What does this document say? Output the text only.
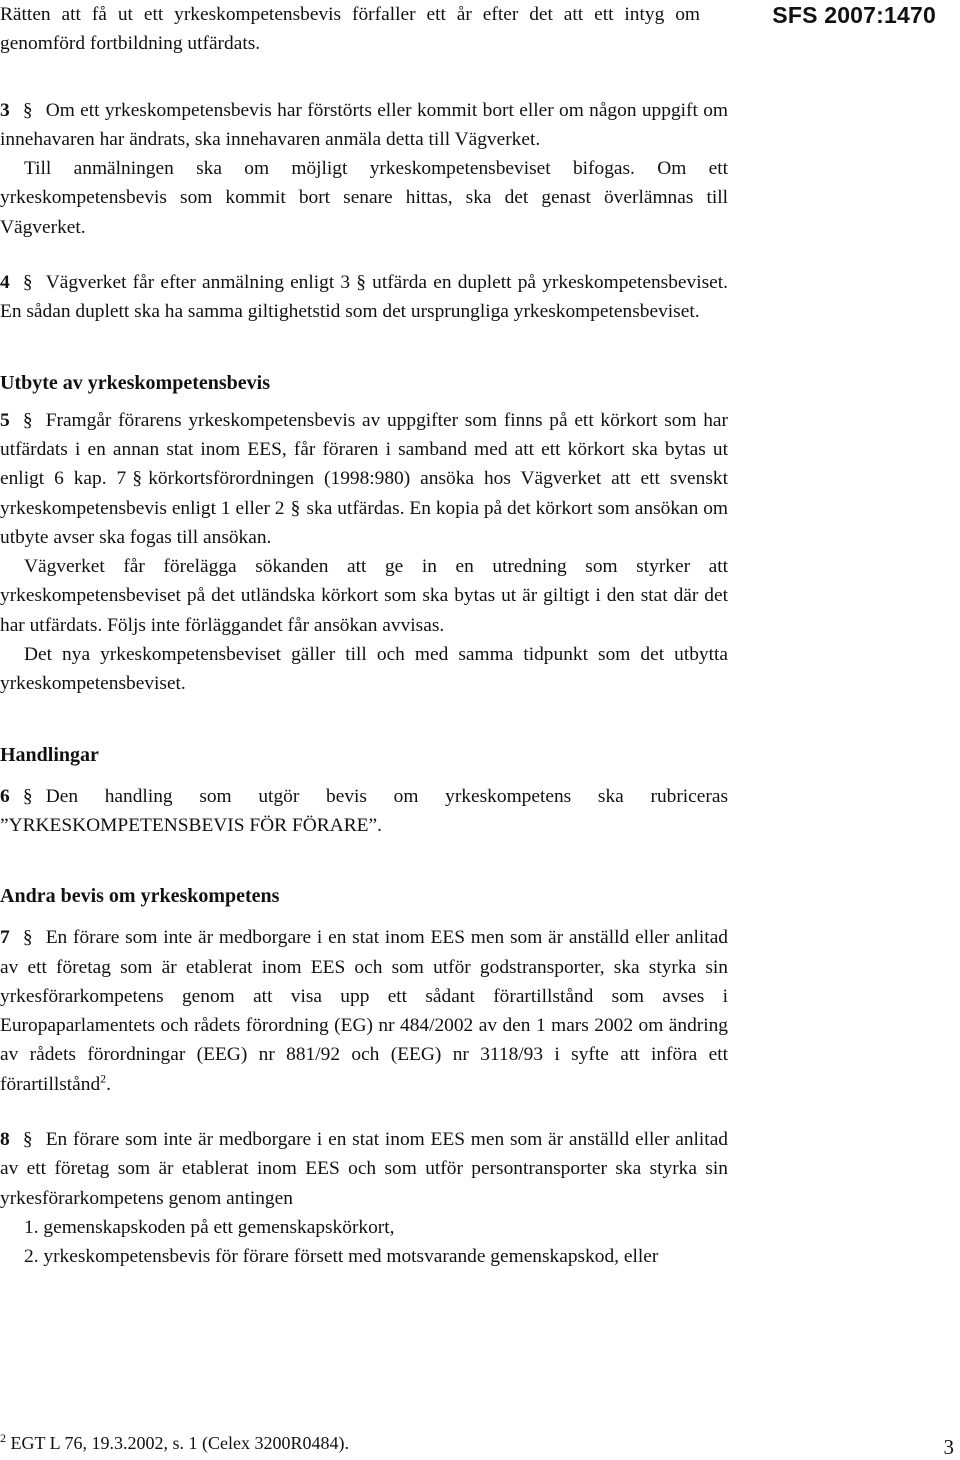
SFS 2007:1470

Rätten att få ut ett yrkeskompetensbevis förfaller ett år efter det att ett intyg om genomförd fortbildning utfärdats.

3 § Om ett yrkeskompetensbevis har förstörts eller kommit bort eller om någon uppgift om innehavaren har ändrats, ska innehavaren anmäla detta till Vägverket.

Till anmälningen ska om möjligt yrkeskompetensbeviset bifogas. Om ett yrkeskompetensbevis som kommit bort senare hittas, ska det genast överlämnas till Vägverket.

4 § Vägverket får efter anmälning enligt 3 § utfärda en duplett på yrkeskompetensbeviset. En sådan duplett ska ha samma giltighetstid som det ursprungliga yrkeskompetensbeviset.

Utbyte av yrkeskompetensbevis

5 § Framgår förarens yrkeskompetensbevis av uppgifter som finns på ett körkort som har utfärdats i en annan stat inom EES, får föraren i samband med att ett körkort ska bytas ut enligt 6 kap. 7 § körkortsförordningen (1998:980) ansöka hos Vägverket att ett svenskt yrkeskompetensbevis enligt 1 eller 2 § ska utfärdas. En kopia på det körkort som ansökan om utbyte avser ska fogas till ansökan.

Vägverket får förelägga sökanden att ge in en utredning som styrker att yrkeskompetensbeviset på det utländska körkort som ska bytas ut är giltigt i den stat där det har utfärdats. Följs inte förläggandet får ansökan avvisas.

Det nya yrkeskompetensbeviset gäller till och med samma tidpunkt som det utbytta yrkeskompetensbeviset.

Handlingar

6 § Den handling som utgör bevis om yrkeskompetens ska rubriceras ”YRKESKOMPETENSBEVIS FÖR FÖRARE”.

Andra bevis om yrkeskompetens

7 § En förare som inte är medborgare i en stat inom EES men som är anställd eller anlitad av ett företag som är etablerat inom EES och som utför godstransporter, ska styrka sin yrkesförarkompetens genom att visa upp ett sådant förartillstånd som avses i Europaparlamentets och rådets förordning (EG) nr 484/2002 av den 1 mars 2002 om ändring av rådets förordningar (EEG) nr 881/92 och (EEG) nr 3118/93 i syfte att införa ett förartillstånd$^2$.

8 § En förare som inte är medborgare i en stat inom EES men som är anställd eller anlitad av ett företag som är etablerat inom EES och som utför persontransporter ska styrka sin yrkesförarkompetens genom antingen

1. gemenskapskoden på ett gemenskapskörkort,

2. yrkeskompetensbevis för förare försett med motsvarande gemenskapskod, eller

$^2$ EGT L 76, 19.3.2002, s. 1 (Celex 3200R0484).	3
